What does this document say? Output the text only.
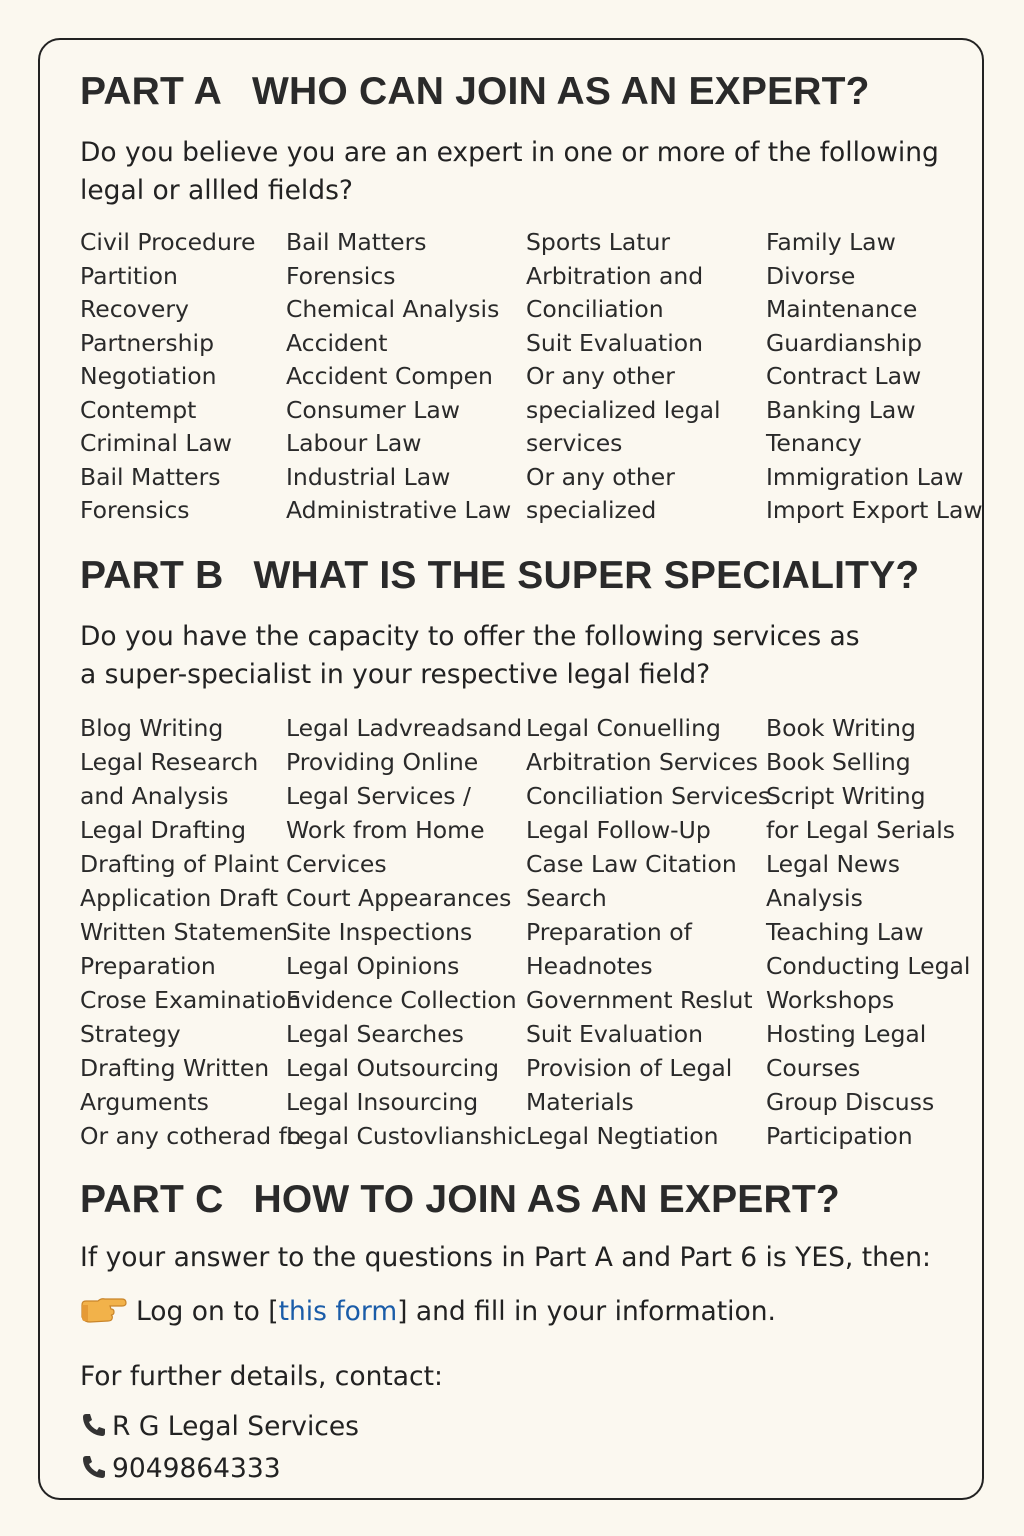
PART A WHO CAN JOIN AS AN EXPERT?

Do you believe you are an expert in one or more of the following legal or allled fields?

Civil Procedure
Partition
Recovery
Partnership
Negotiation
Contempt
Criminal Law
Bail Matters
Forensics
Bail Matters
Forensics
Chemical Analysis
Accident
Accident Compen
Consumer Law
Labour Law
Industrial Law
Administrative Law
Sports Latur
Arbitration and
Conciliation
Suit Evaluation
Or any other
specialized legal
services
Or any other
specialized
Family Law
Divorse
Maintenance
Guardianship
Contract Law
Banking Law
Tenancy
Immigration Law
Import Export Law
PART B WHAT IS THE SUPER SPECIALITY?

Do you have the capacity to offer the following services as a super-specialist in your respective legal field?

Blog Writing
Legal Research
and Analysis
Legal Drafting
Drafting of Plaint
Application Draft
Written Statemen
Preparation
Crose Examination
Strategy
Drafting Written
Arguments
Or any cotherad fo
Legal Ladvreadsand
Providing Online
Legal Services /
Work from Home
Cervices
Court Appearances
Site Inspections
Legal Opinions
Evidence Collection
Legal Searches
Legal Outsourcing
Legal Insourcing
Legal Custovlianshic
Legal Conuelling
Arbitration Services
Conciliation Services
Legal Follow-Up
Case Law Citation
Search
Preparation of
Headnotes
Government Reslut
Suit Evaluation
Provision of Legal
Materials
Legal Negtiation
Book Writing
Book Selling
Script Writing
for Legal Serials
Legal News
Analysis
Teaching Law
Conducting Legal
Workshops
Hosting Legal
Courses
Group Discuss
Participation
PART C HOW TO JOIN AS AN EXPERT?

If your answer to the questions in Part A and Part 6 is YES, then:

Log on to [this form] and fill in your information.

For further details, contact:

R G Legal Services

9049864333
